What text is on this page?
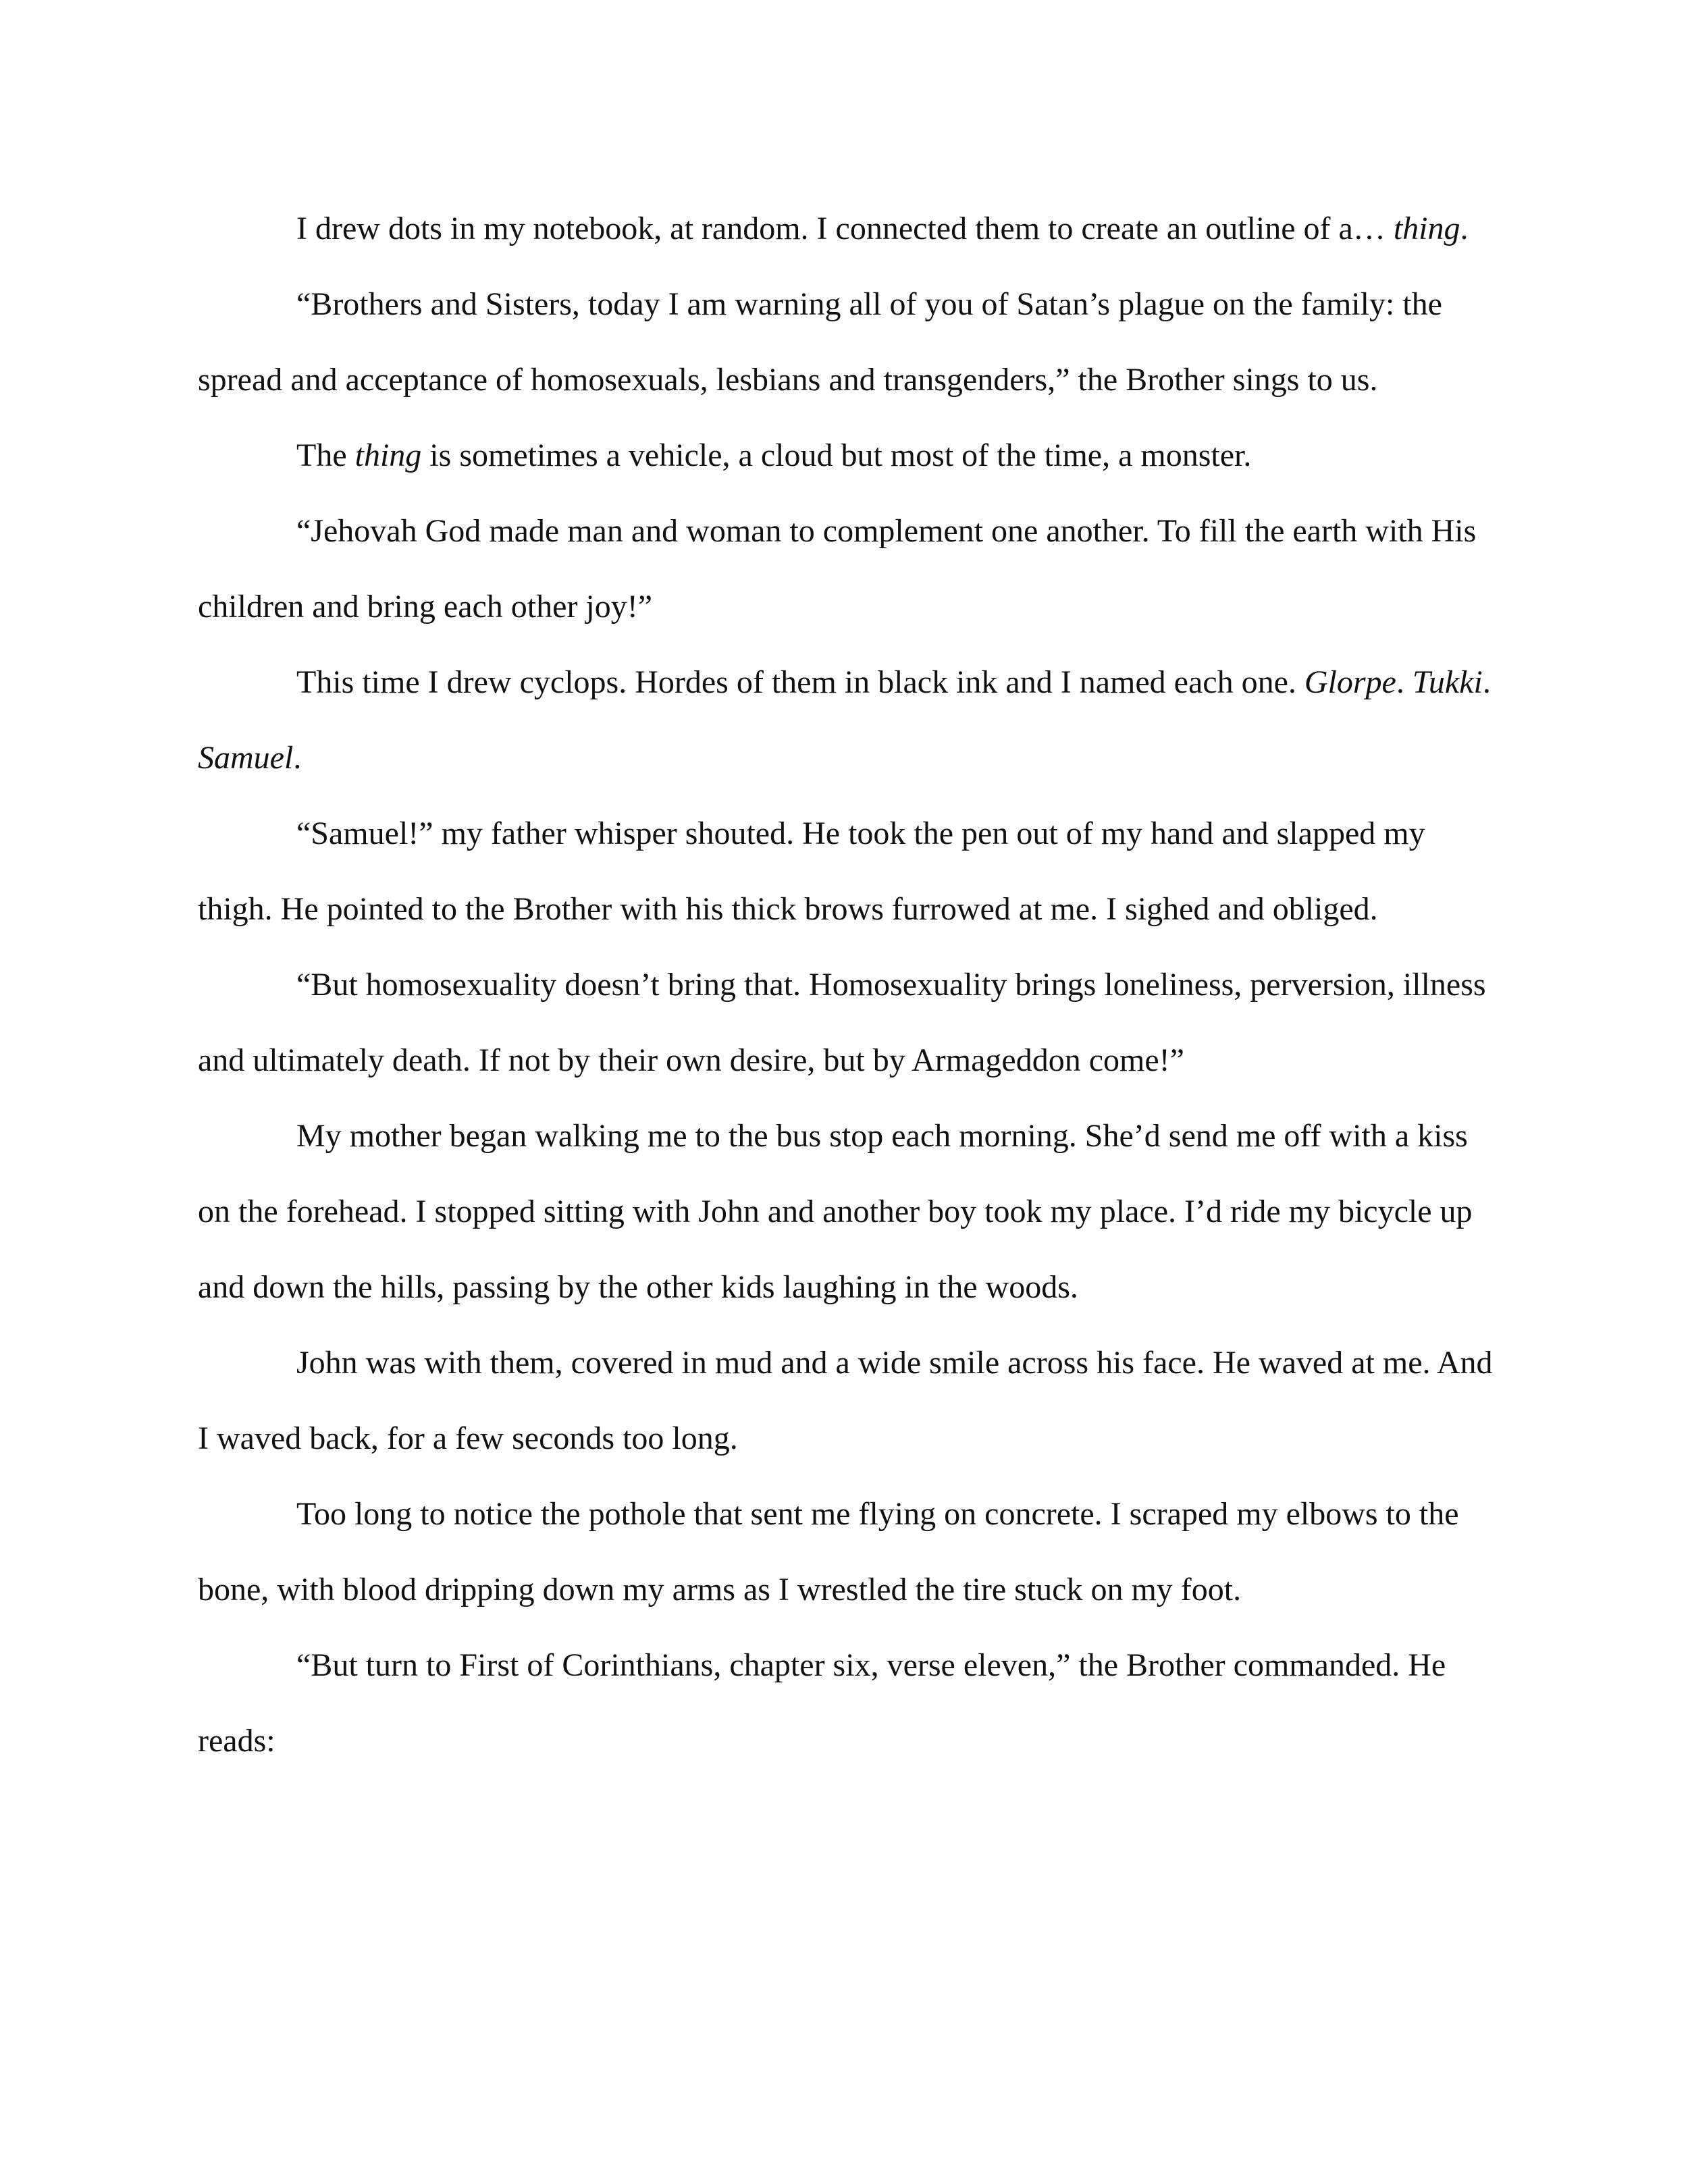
I drew dots in my notebook, at random. I connected them to create an outline of a… thing.

“Brothers and Sisters, today I am warning all of you of Satan’s plague on the family: the spread and acceptance of homosexuals, lesbians and transgenders,” the Brother sings to us.

The thing is sometimes a vehicle, a cloud but most of the time, a monster.

“Jehovah God made man and woman to complement one another. To fill the earth with His children and bring each other joy!”

This time I drew cyclops. Hordes of them in black ink and I named each one. Glorpe. Tukki. Samuel.

“Samuel!” my father whisper shouted. He took the pen out of my hand and slapped my thigh. He pointed to the Brother with his thick brows furrowed at me. I sighed and obliged.

“But homosexuality doesn’t bring that. Homosexuality brings loneliness, perversion, illness and ultimately death. If not by their own desire, but by Armageddon come!”

My mother began walking me to the bus stop each morning. She’d send me off with a kiss on the forehead. I stopped sitting with John and another boy took my place. I’d ride my bicycle up and down the hills, passing by the other kids laughing in the woods.

John was with them, covered in mud and a wide smile across his face. He waved at me. And I waved back, for a few seconds too long.

Too long to notice the pothole that sent me flying on concrete. I scraped my elbows to the bone, with blood dripping down my arms as I wrestled the tire stuck on my foot.

“But turn to First of Corinthians, chapter six, verse eleven,” the Brother commanded. He reads:
